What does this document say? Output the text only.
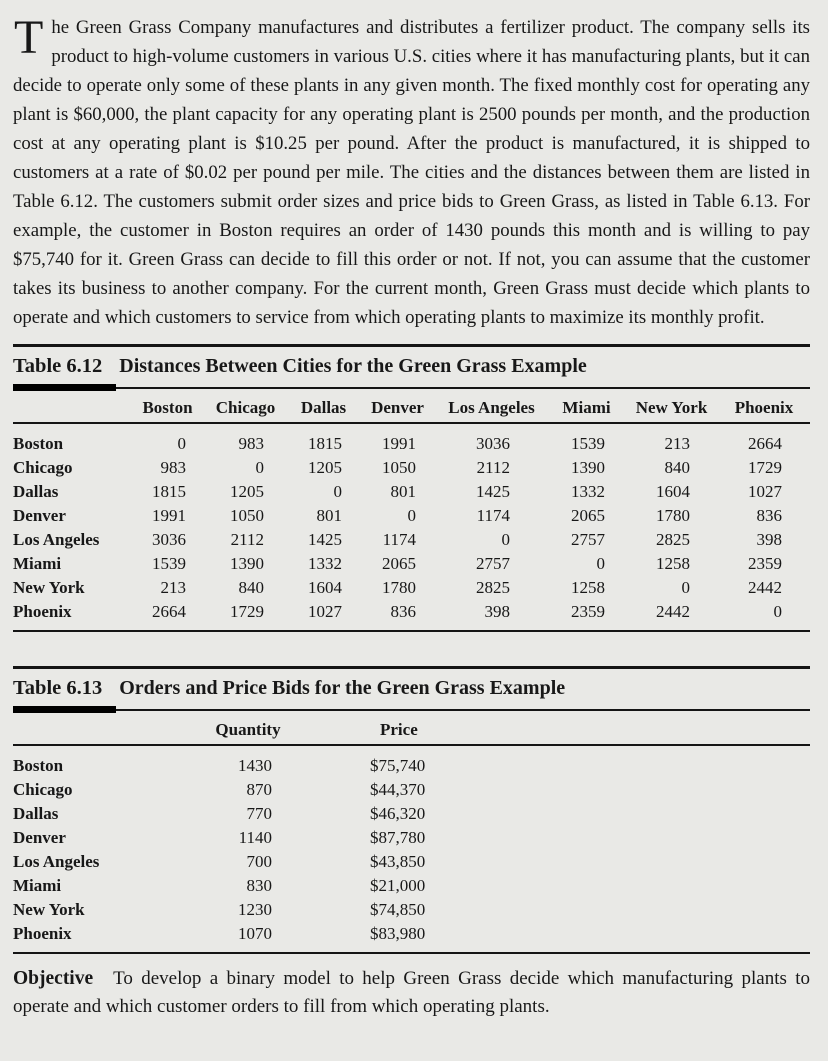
The Green Grass Company manufactures and distributes a fertilizer product. The company sells its product to high-volume customers in various U.S. cities where it has manufacturing plants, but it can decide to operate only some of these plants in any given month. The fixed monthly cost for operating any plant is $60,000, the plant capacity for any operating plant is 2500 pounds per month, and the production cost at any operating plant is $10.25 per pound. After the product is manufactured, it is shipped to customers at a rate of $0.02 per pound per mile. The cities and the distances between them are listed in Table 6.12. The customers submit order sizes and price bids to Green Grass, as listed in Table 6.13. For example, the customer in Boston requires an order of 1430 pounds this month and is willing to pay $75,740 for it. Green Grass can decide to fill this order or not. If not, you can assume that the customer takes its business to another company. For the current month, Green Grass must decide which plants to operate and which customers to service from which operating plants to maximize its monthly profit.

Table 6.12 Distances Between Cities for the Green Grass Example
	Boston	Chicago	Dallas	Denver	Los Angeles	Miami	New York	Phoenix
Boston	0	983	1815	1991	3036	1539	213	2664
Chicago	983	0	1205	1050	2112	1390	840	1729
Dallas	1815	1205	0	801	1425	1332	1604	1027
Denver	1991	1050	801	0	1174	2065	1780	836
Los Angeles	3036	2112	1425	1174	0	2757	2825	398
Miami	1539	1390	1332	2065	2757	0	1258	2359
New York	213	840	1604	1780	2825	1258	0	2442
Phoenix	2664	1729	1027	836	398	2359	2442	0
Table 6.13 Orders and Price Bids for the Green Grass Example
	Quantity	Price	
Boston	1430	$75,740	
Chicago	870	$44,370	
Dallas	770	$46,320	
Denver	1140	$87,780	
Los Angeles	700	$43,850	
Miami	830	$21,000	
New York	1230	$74,850	
Phoenix	1070	$83,980	

Objective To develop a binary model to help Green Grass decide which manufacturing plants to operate and which customer orders to fill from which operating plants.
